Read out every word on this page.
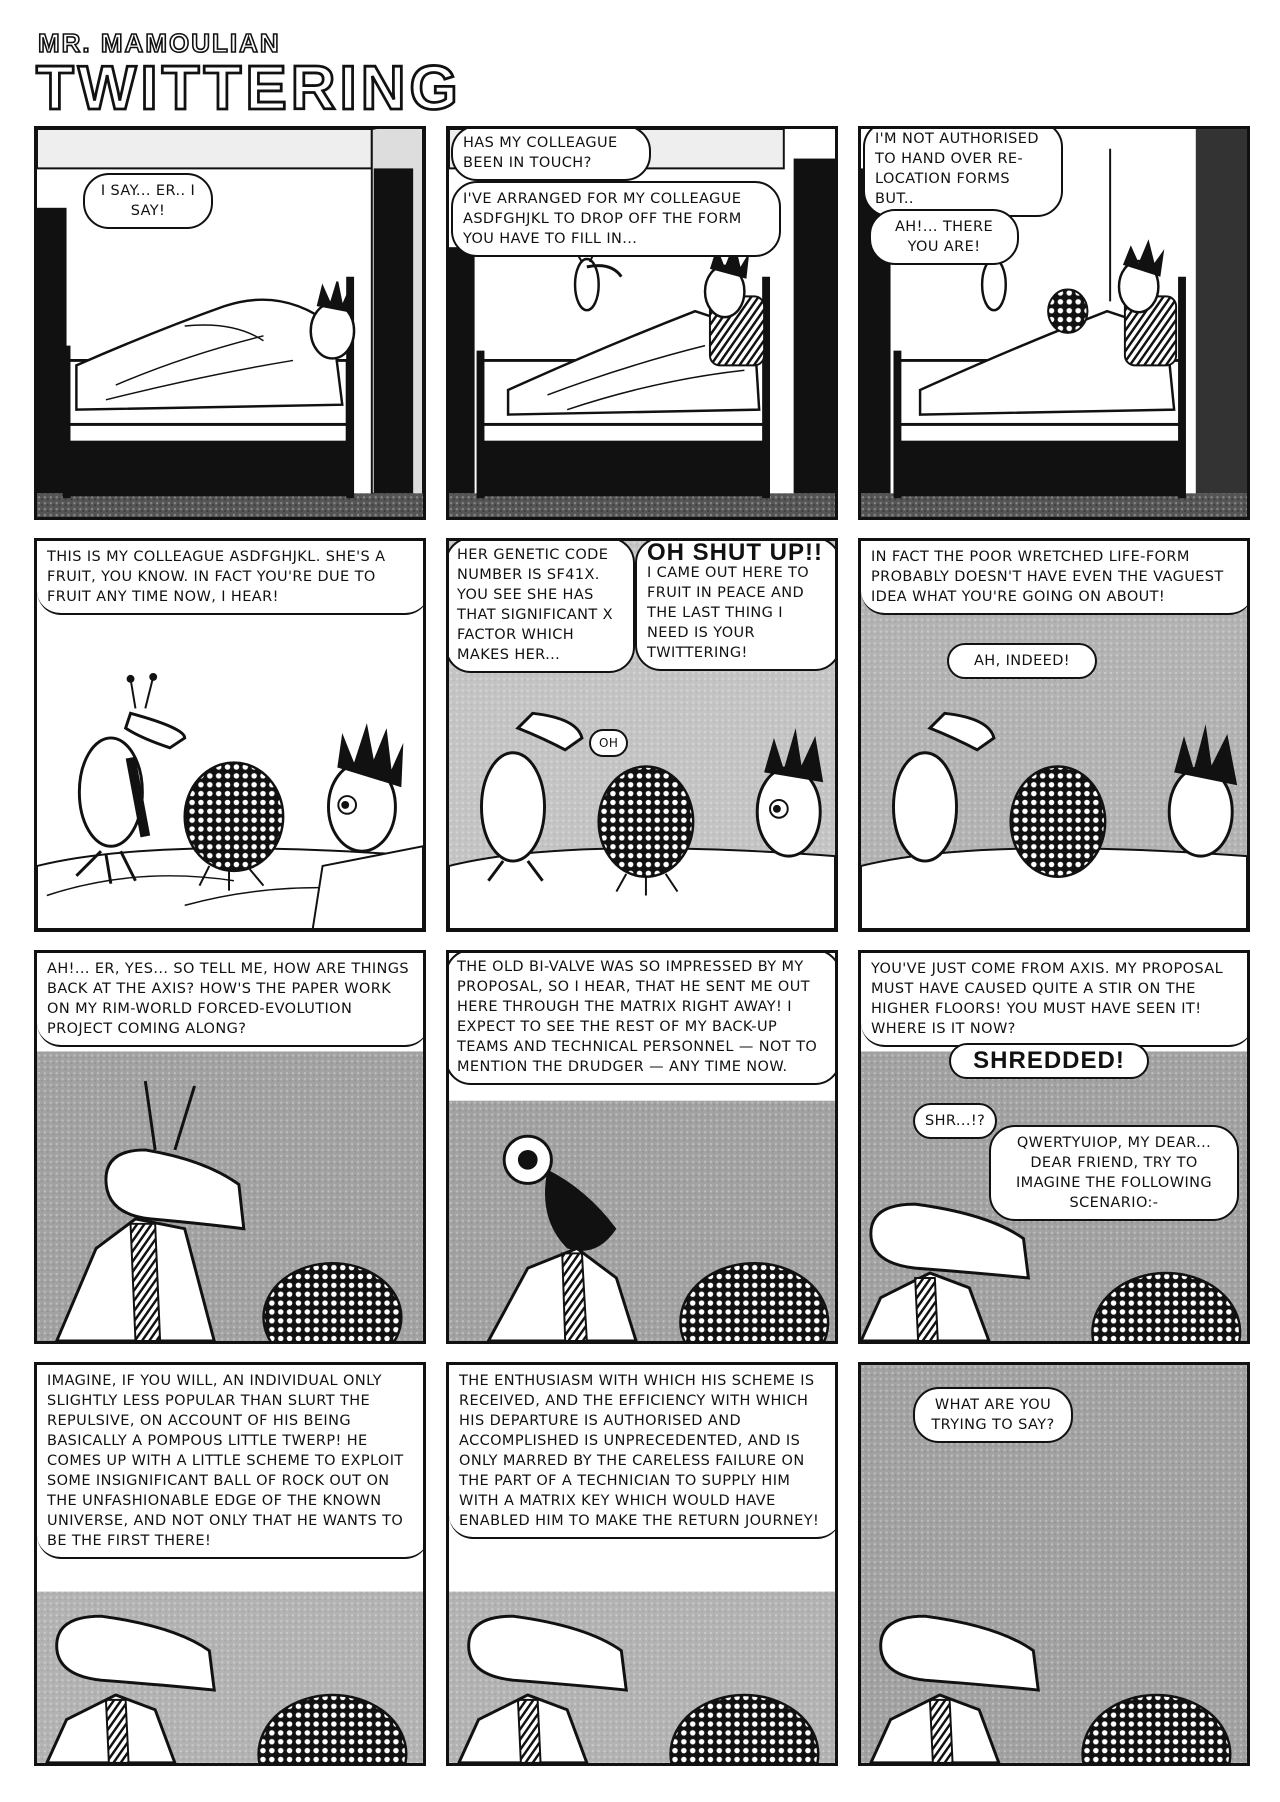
MR. MAMOULIAN
TWITTERING
I SAY... ER.. I SAY!
HAS MY COLLEAGUE BEEN IN TOUCH?
I'VE ARRANGED FOR MY COLLEAGUE ASDFGHJKL TO DROP OFF THE FORM YOU HAVE TO FILL IN...
I'M NOT AUTHORISED TO HAND OVER RE-LOCATION FORMS BUT..
AH!... THERE YOU ARE!
THIS IS MY COLLEAGUE ASDFGHJKL. SHE'S A FRUIT, YOU KNOW. IN FACT YOU'RE DUE TO FRUIT ANY TIME NOW, I HEAR!
HER GENETIC CODE NUMBER IS SF41X. YOU SEE SHE HAS THAT SIGNIFICANT X FACTOR WHICH MAKES HER...
OH SHUT UP!!
I CAME OUT HERE TO FRUIT IN PEACE AND THE LAST THING I NEED IS YOUR TWITTERING!
OH
IN FACT THE POOR WRETCHED LIFE-FORM PROBABLY DOESN'T HAVE EVEN THE VAGUEST IDEA WHAT YOU'RE GOING ON ABOUT!
AH, INDEED!
AH!... ER, YES... SO TELL ME, HOW ARE THINGS BACK AT THE AXIS? HOW'S THE PAPER WORK ON MY RIM-WORLD FORCED-EVOLUTION PROJECT COMING ALONG?
THE OLD BI-VALVE WAS SO IMPRESSED BY MY PROPOSAL, SO I HEAR, THAT HE SENT ME OUT HERE THROUGH THE MATRIX RIGHT AWAY! I EXPECT TO SEE THE REST OF MY BACK-UP TEAMS AND TECHNICAL PERSONNEL — NOT TO MENTION THE DRUDGER — ANY TIME NOW.
YOU'VE JUST COME FROM AXIS. MY PROPOSAL MUST HAVE CAUSED QUITE A STIR ON THE HIGHER FLOORS! YOU MUST HAVE SEEN IT! WHERE IS IT NOW?
SHREDDED!
SHR...!?
QWERTYUIOP, MY DEAR... DEAR FRIEND, TRY TO IMAGINE THE FOLLOWING SCENARIO:-
IMAGINE, IF YOU WILL, AN INDIVIDUAL ONLY SLIGHTLY LESS POPULAR THAN SLURT THE REPULSIVE, ON ACCOUNT OF HIS BEING BASICALLY A POMPOUS LITTLE TWERP! HE COMES UP WITH A LITTLE SCHEME TO EXPLOIT SOME INSIGNIFICANT BALL OF ROCK OUT ON THE UNFASHIONABLE EDGE OF THE KNOWN UNIVERSE, AND NOT ONLY THAT HE WANTS TO BE THE FIRST THERE!
THE ENTHUSIASM WITH WHICH HIS SCHEME IS RECEIVED, AND THE EFFICIENCY WITH WHICH HIS DEPARTURE IS AUTHORISED AND ACCOMPLISHED IS UNPRECEDENTED, AND IS ONLY MARRED BY THE CARELESS FAILURE ON THE PART OF A TECHNICIAN TO SUPPLY HIM WITH A MATRIX KEY WHICH WOULD HAVE ENABLED HIM TO MAKE THE RETURN JOURNEY!
WHAT ARE YOU TRYING TO SAY?
